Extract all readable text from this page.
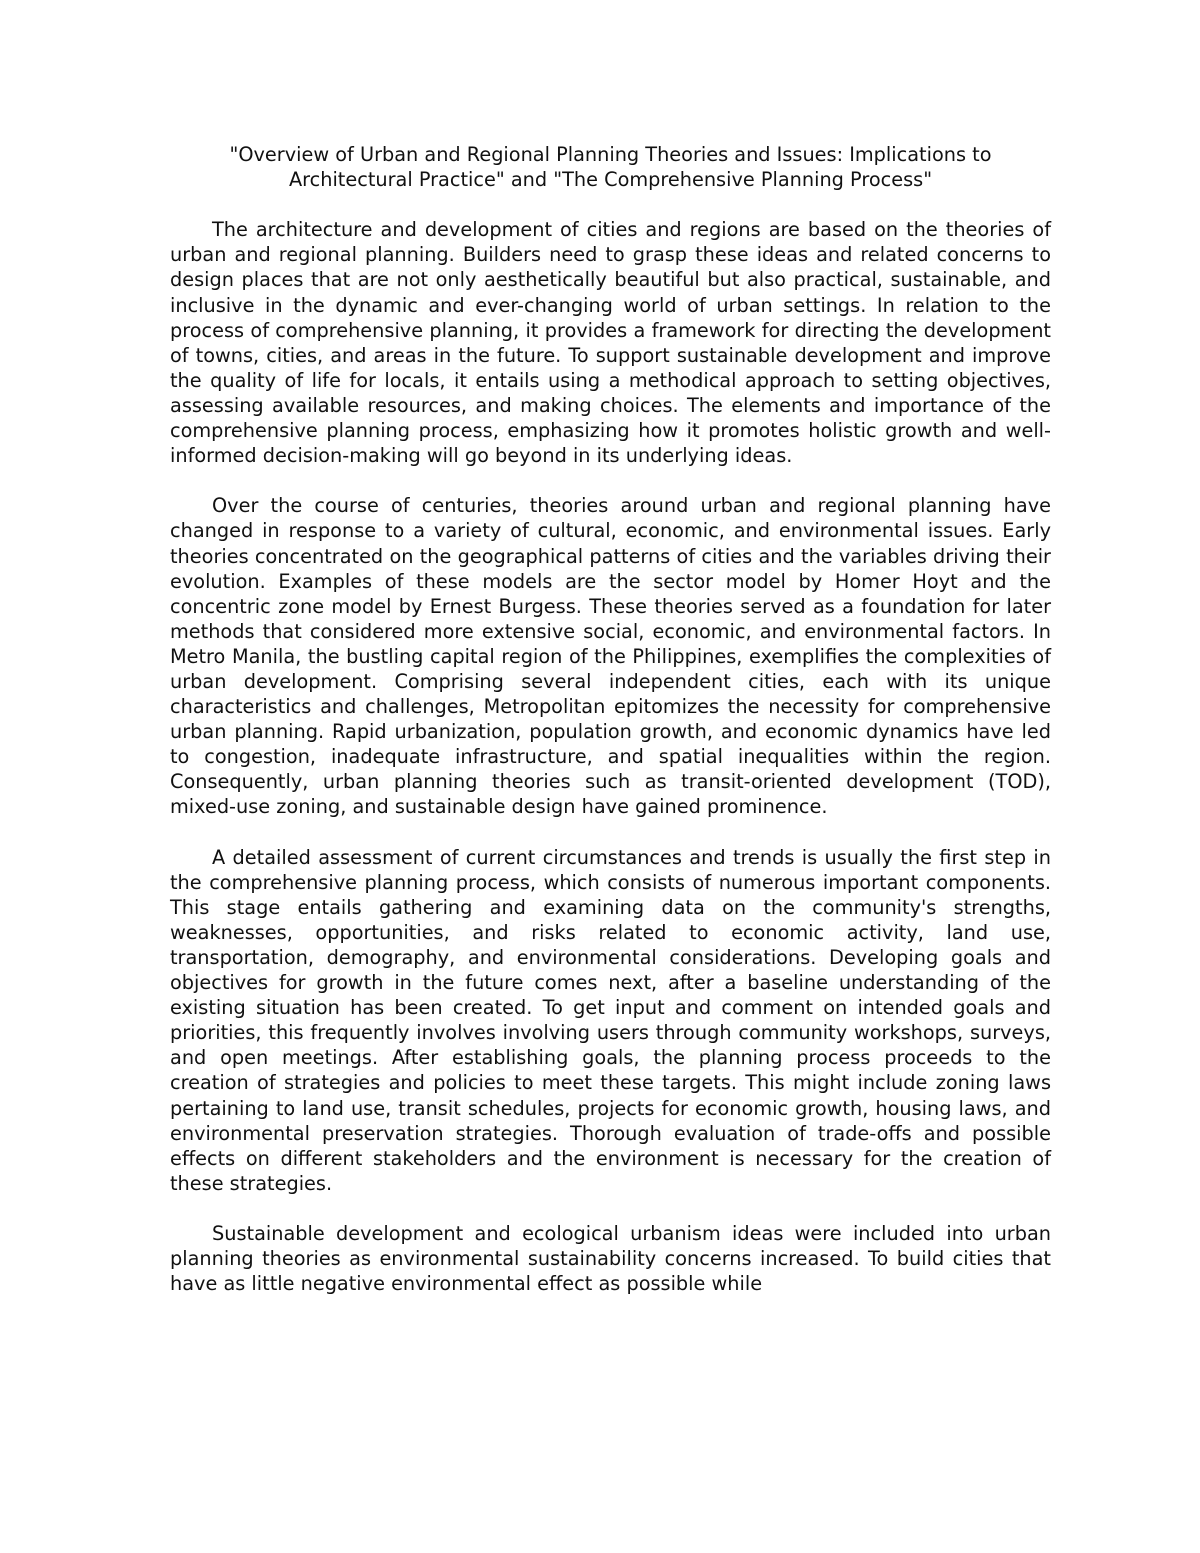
"Overview of Urban and Regional Planning Theories and Issues: Implications to
Architectural Practice" and "The Comprehensive Planning Process"

The architecture and development of cities and regions are based on the theories of urban and regional planning. Builders need to grasp these ideas and related concerns to design places that are not only aesthetically beautiful but also practical, sustainable, and inclusive in the dynamic and ever-changing world of urban settings. In relation to the process of comprehensive planning, it provides a framework for directing the development of towns, cities, and areas in the future. To support sustainable development and improve the quality of life for locals, it entails using a methodical approach to setting objectives, assessing available resources, and making choices. The elements and importance of the comprehensive planning process, emphasizing how it promotes holistic growth and well-informed decision-making will go beyond in its underlying ideas.

Over the course of centuries, theories around urban and regional planning have changed in response to a variety of cultural, economic, and environmental issues. Early theories concentrated on the geographical patterns of cities and the variables driving their evolution. Examples of these models are the sector model by Homer Hoyt and the concentric zone model by Ernest Burgess. These theories served as a foundation for later methods that considered more extensive social, economic, and environmental factors. In Metro Manila, the bustling capital region of the Philippines, exemplifies the complexities of urban development. Comprising several independent cities, each with its unique characteristics and challenges, Metropolitan epitomizes the necessity for comprehensive urban planning. Rapid urbanization, population growth, and economic dynamics have led to congestion, inadequate infrastructure, and spatial inequalities within the region. Consequently, urban planning theories such as transit-oriented development (TOD), mixed-use zoning, and sustainable design have gained prominence.

A detailed assessment of current circumstances and trends is usually the first step in the comprehensive planning process, which consists of numerous important components. This stage entails gathering and examining data on the community's strengths, weaknesses, opportunities, and risks related to economic activity, land use, transportation, demography, and environmental considerations. Developing goals and objectives for growth in the future comes next, after a baseline understanding of the existing situation has been created. To get input and comment on intended goals and priorities, this frequently involves involving users through community workshops, surveys, and open meetings. After establishing goals, the planning process proceeds to the creation of strategies and policies to meet these targets. This might include zoning laws pertaining to land use, transit schedules, projects for economic growth, housing laws, and environmental preservation strategies. Thorough evaluation of trade-offs and possible effects on different stakeholders and the environment is necessary for the creation of these strategies.

Sustainable development and ecological urbanism ideas were included into urban planning theories as environmental sustainability concerns increased. To build cities that have as little negative environmental effect as possible while
